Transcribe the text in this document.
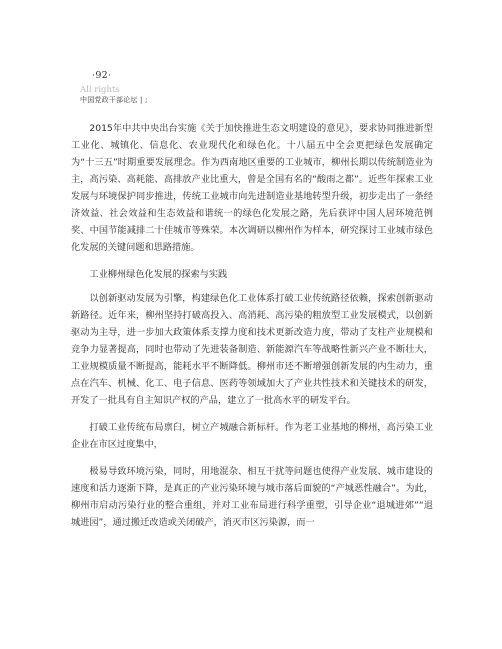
·92·
All rights
中国党政干部论坛 | ;

2015年中共中央出台实施《关于加快推进生态文明建设的意见》，要求协同推进新型工业化、城镇化、信息化、农业现代化和绿色化。十八届五中全会更把绿色发展确定为“十三五”时期重要发展理念。作为西南地区重要的工业城市，柳州长期以传统制造业为主，高污染、高耗能、高排放产业比重大，曾是全国有名的“酸雨之都”。近些年探索工业发展与环境保护同步推进，传统工业城市向先进制造业基地转型升级，初步走出了一条经济效益、社会效益和生态效益和谐统一的绿色化发展之路，先后获评中国人居环境范例奖、中国节能减排二十佳城市等殊荣。本次调研以柳州作为样本，研究探讨工业城市绿色化发展的关键问题和思路措施。

工业柳州绿色化发展的探索与实践

以创新驱动发展为引擎，构建绿色化工业体系打破工业传统路径依赖，探索创新驱动新路径。近年来，柳州坚持打破高投入、高消耗、高污染的粗放型工业发展模式，以创新驱动为主导，进一步加大政策体系支撑力度和技术更新改造力度，带动了支柱产业规模和竞争力显著提高，同时也带动了先进装备制造、新能源汽车等战略性新兴产业不断壮大，工业规模质量不断提高，能耗水平不断降低。柳州市还不断增强创新发展的内生动力，重点在汽车、机械、化工、电子信息、医药等领域加大了产业共性技术和关键技术的研发，开发了一批具有自主知识产权的产品，建立了一批高水平的研发平台。

打破工业传统布局禀臼，树立产城融合新标杆。作为老工业基地的柳州，高污染工业企业在市区过度集中，

极易导致环境污染，同时，用地混杂、相互干扰等问题也使得产业发展、城市建设的速度和活力逐渐下降，是真正的产业污染环境与城市落后面貌的“产城恶性融合”。为此，柳州市启动污染行业的整合重组，并对工业布局进行科学重塑，引导企业“退城进郊”“退城进园”，通过搬迁改造或关闭破产，消灭市区污染源，而一
